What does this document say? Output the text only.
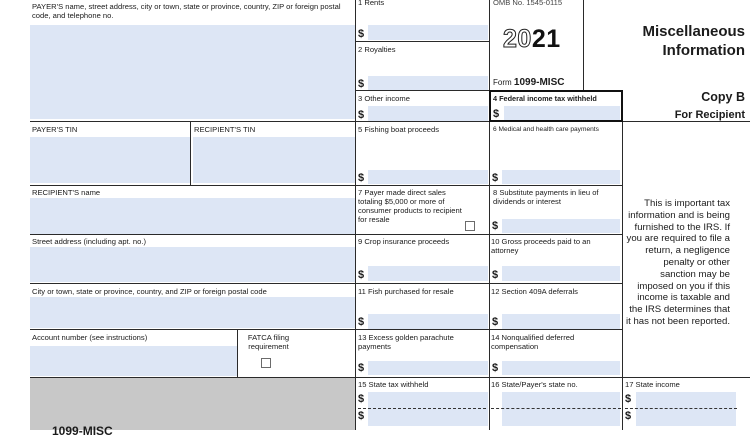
PAYER'S name, street address, city or town, state or province, country, ZIP or foreign postal code, and telephone no.
PAYER'S TIN	RECIPIENT'S TIN
RECIPIENT'S name
Street address (including apt. no.)
City or town, state or province, country, and ZIP or foreign postal code
Account number (see instructions)	FATCA filing requirement
1 Rents
$
2 Royalties
$
3 Other income
$
5 Fishing boat proceeds
$
7 Payer made direct sales totaling $5,000 or more of consumer products to recipient for resale
9 Crop insurance proceeds
$
11 Fish purchased for resale
$
13 Excess golden parachute payments
$
15 State tax withheld
$
$
OMB No. 1545-0115
2021
Form 1099-MISC
4 Federal income tax withheld
$
6 Medical and health care payments
$
8 Substitute payments in lieu of dividends or interest
$
10 Gross proceeds paid to an attorney
$
12 Section 409A deferrals
$
14 Nonqualified deferred compensation
$
16 State/Payer's state no.
Miscellaneous
Information
Copy B
For Recipient
This is important tax information and is being furnished to the IRS. If you are required to file a return, a negligence penalty or other sanction may be imposed on you if this income is taxable and the IRS determines that it has not been reported.
17 State income
$
$
1099-MISC
